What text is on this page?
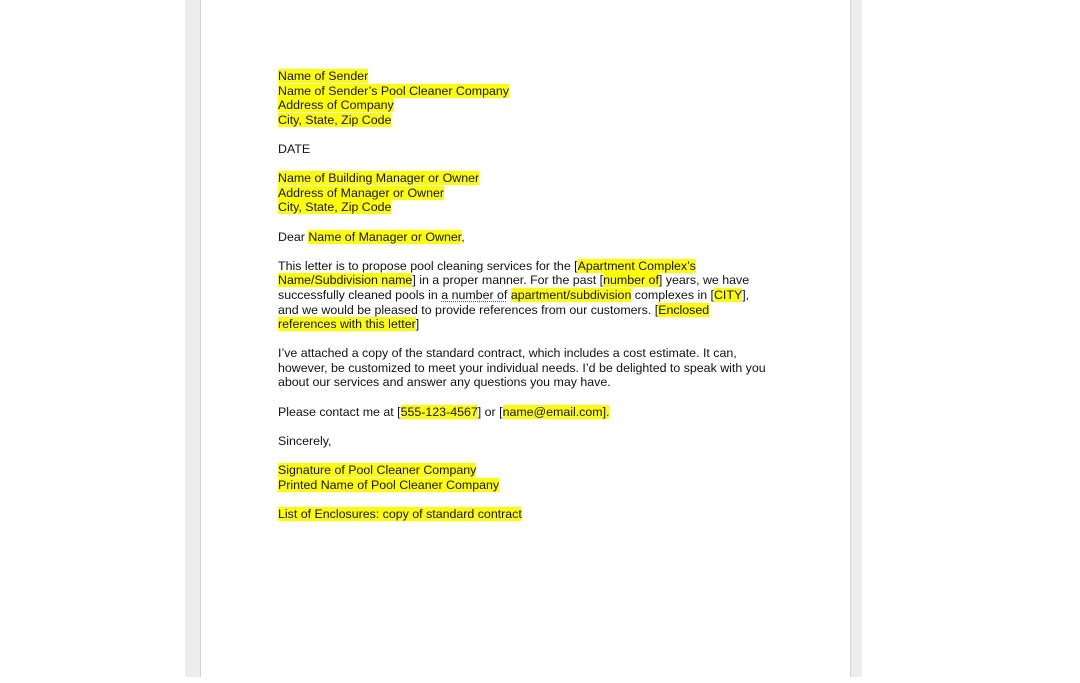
Name of Sender
Name of Sender’s Pool Cleaner Company
Address of Company
City, State, Zip Code
DATE
Name of Building Manager or Owner
Address of Manager or Owner
City, State, Zip Code
Dear Name of Manager or Owner,
This letter is to propose pool cleaning services for the [Apartment Complex’s Name/Subdivision name] in a proper manner. For the past [number of] years, we have successfully cleaned pools in a number of apartment/subdivision complexes in [CITY], and we would be pleased to provide references from our customers. [Enclosed references with this letter]
I’ve attached a copy of the standard contract, which includes a cost estimate. It can, however, be customized to meet your individual needs. I’d be delighted to speak with you about our services and answer any questions you may have.
Please contact me at [555-123-4567] or [name@email.com].
Sincerely,
Signature of Pool Cleaner Company
Printed Name of Pool Cleaner Company
List of Enclosures: copy of standard contract
